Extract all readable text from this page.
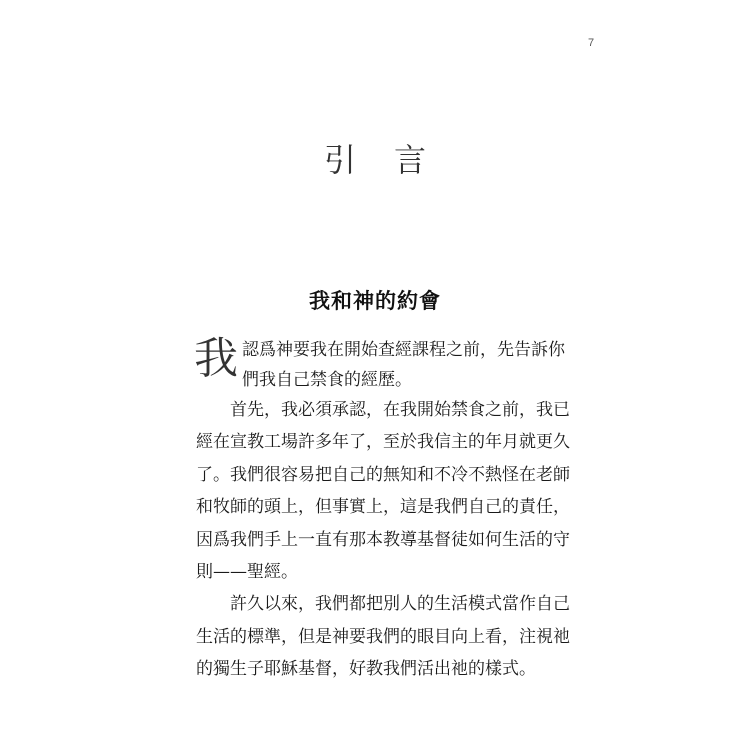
7
引言
我和神的約會
我 認爲神要我在開始查經課程之前，先告訴你
們我自己禁食的經歷。
　　首先，我必須承認，在我開始禁食之前，我已
經在宣教工場許多年了，至於我信主的年月就更久
了。我們很容易把自己的無知和不冷不熱怪在老師
和牧師的頭上，但事實上，這是我們自己的責任，
因爲我們手上一直有那本教導基督徒如何生活的守
則——聖經。
　　許久以來，我們都把別人的生活模式當作自己
生活的標準，但是神要我們的眼目向上看，注視祂
的獨生子耶穌基督，好教我們活出祂的樣式。
